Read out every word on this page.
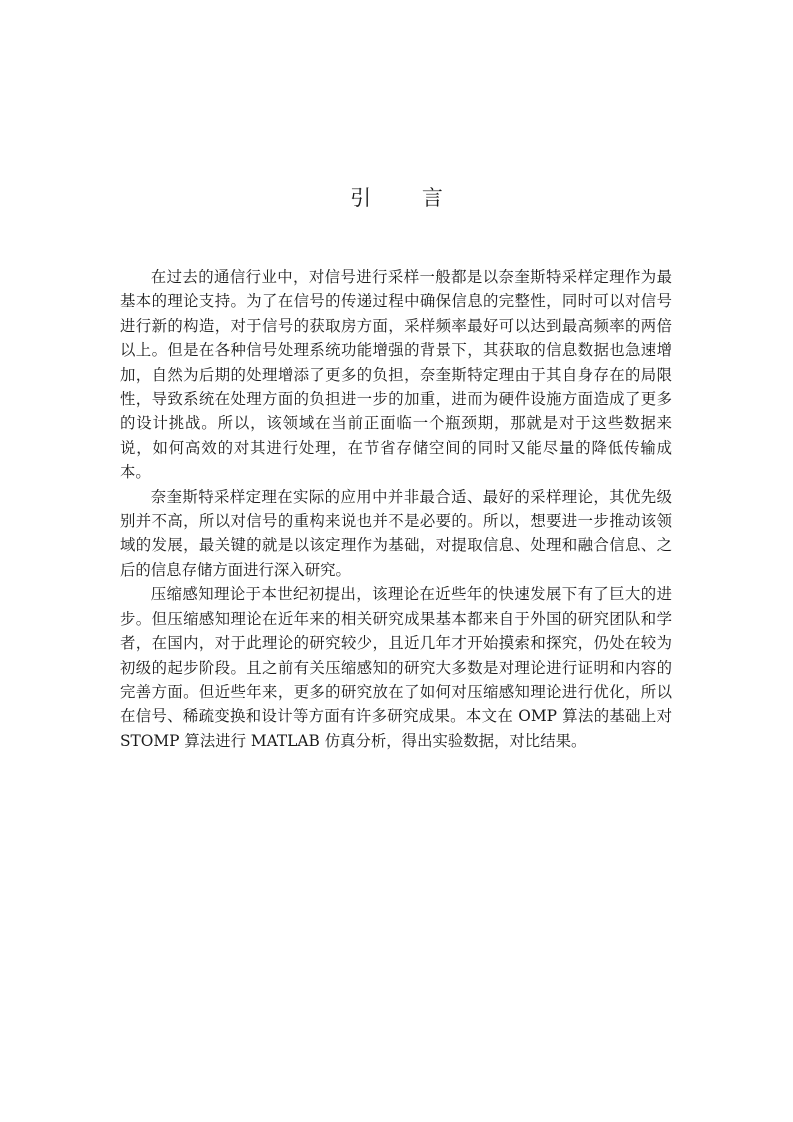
引 言

在过去的通信行业中，对信号进行采样一般都是以奈奎斯特采样定理作为最基本的理论支持。为了在信号的传递过程中确保信息的完整性，同时可以对信号进行新的构造，对于信号的获取房方面，采样频率最好可以达到最高频率的两倍以上。但是在各种信号处理系统功能增强的背景下，其获取的信息数据也急速增加，自然为后期的处理增添了更多的负担，奈奎斯特定理由于其自身存在的局限性，导致系统在处理方面的负担进一步的加重，进而为硬件设施方面造成了更多的设计挑战。所以，该领域在当前正面临一个瓶颈期，那就是对于这些数据来说，如何高效的对其进行处理，在节省存储空间的同时又能尽量的降低传输成本。

奈奎斯特采样定理在实际的应用中并非最合适、最好的采样理论，其优先级别并不高，所以对信号的重构来说也并不是必要的。所以，想要进一步推动该领域的发展，最关键的就是以该定理作为基础，对提取信息、处理和融合信息、之后的信息存储方面进行深入研究。

压缩感知理论于本世纪初提出，该理论在近些年的快速发展下有了巨大的进步。但压缩感知理论在近年来的相关研究成果基本都来自于外国的研究团队和学者，在国内，对于此理论的研究较少，且近几年才开始摸索和探究，仍处在较为初级的起步阶段。且之前有关压缩感知的研究大多数是对理论进行证明和内容的完善方面。但近些年来，更多的研究放在了如何对压缩感知理论进行优化，所以在信号、稀疏变换和设计等方面有许多研究成果。本文在 OMP 算法的基础上对 STOMP 算法进行 MATLAB 仿真分析，得出实验数据，对比结果。
